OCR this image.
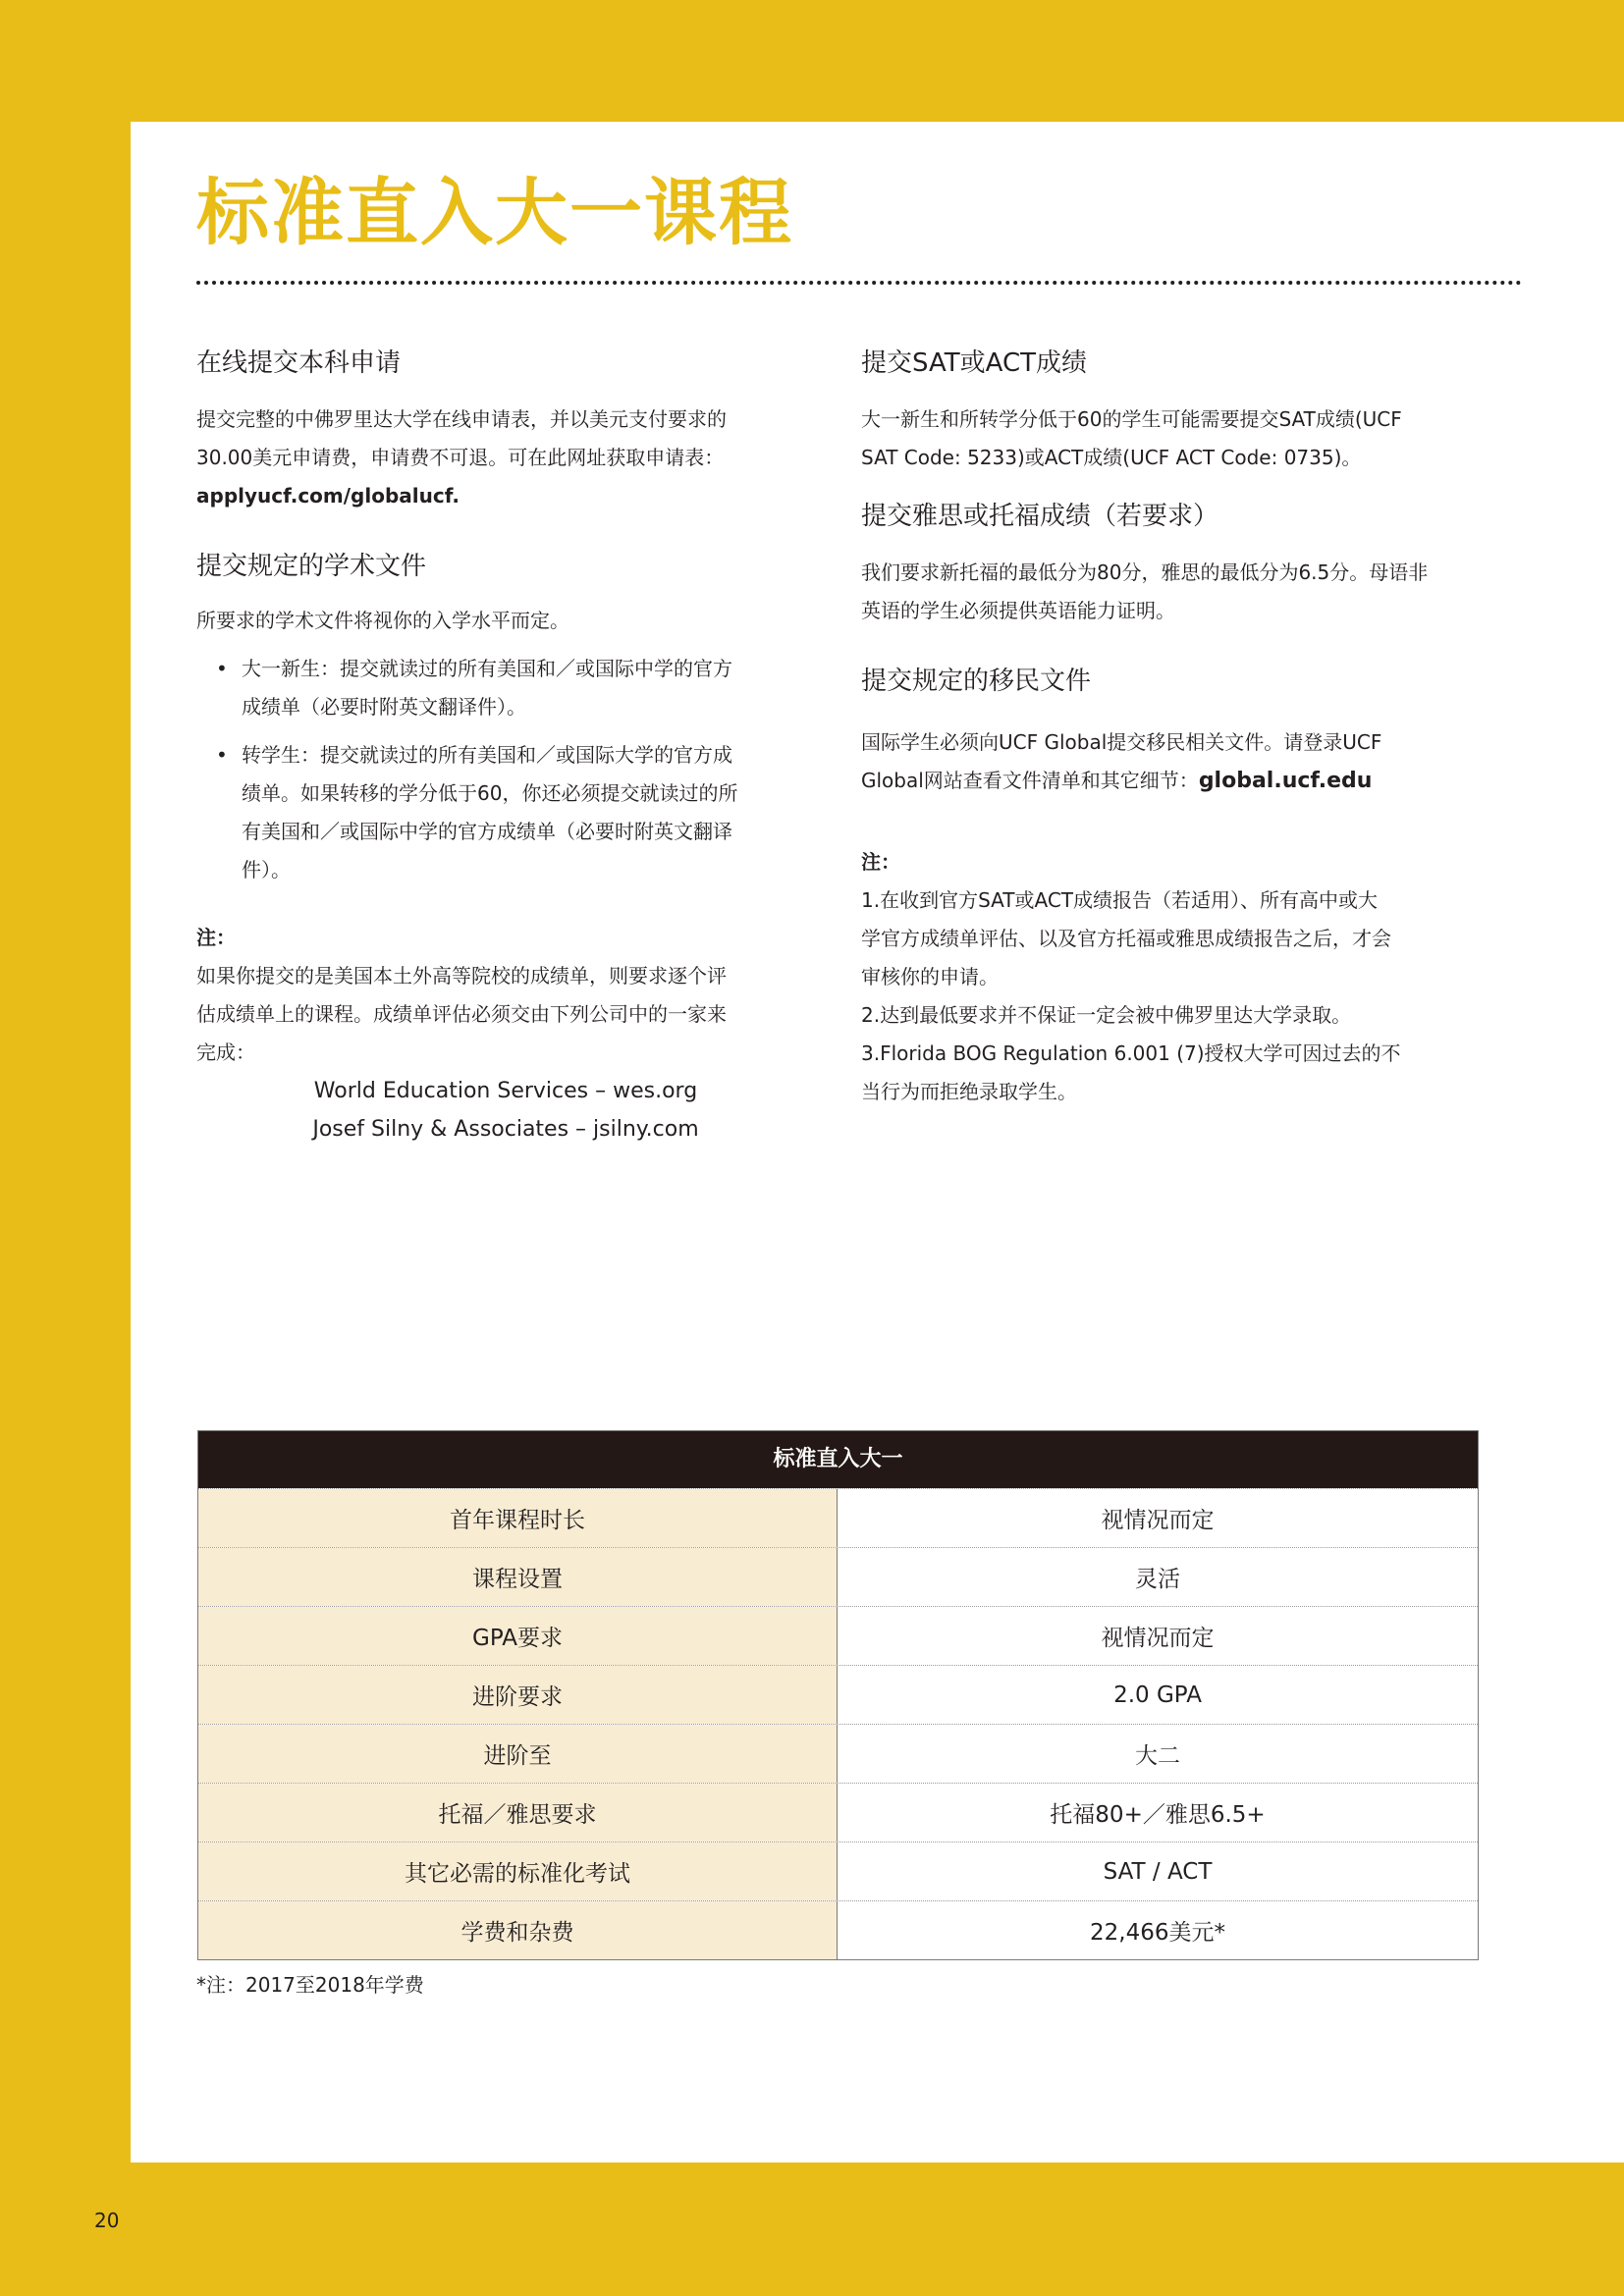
标准直入大一课程
在线提交本科申请

提交完整的中佛罗里达大学在线申请表，并以美元支付要求的

30.00美元申请费，申请费不可退。可在此网址获取申请表：

applyucf.com/globalucf.

提交规定的学术文件

所要求的学术文件将视你的入学水平而定。

• 大一新生：提交就读过的所有美国和／或国际中学的官方
成绩单（必要时附英文翻译件）。
• 转学生：提交就读过的所有美国和／或国际大学的官方成
绩单。如果转移的学分低于60，你还必须提交就读过的所
有美国和／或国际中学的官方成绩单（必要时附英文翻译
件）。

注：

如果你提交的是美国本土外高等院校的成绩单，则要求逐个评

估成绩单上的课程。成绩单评估必须交由下列公司中的一家来

完成：

World Education Services – wes.org

Josef Silny & Associates – jsilny.com

提交SAT或ACT成绩

大一新生和所转学分低于60的学生可能需要提交SAT成绩(UCF

SAT Code: 5233)或ACT成绩(UCF ACT Code: 0735)。

提交雅思或托福成绩（若要求）

我们要求新托福的最低分为80分，雅思的最低分为6.5分。母语非

英语的学生必须提供英语能力证明。

提交规定的移民文件

国际学生必须向UCF Global提交移民相关文件。请登录UCF

Global网站查看文件清单和其它细节：global.ucf.edu

注：

1.在收到官方SAT或ACT成绩报告（若适用）、所有高中或大

学官方成绩单评估、以及官方托福或雅思成绩报告之后，才会

审核你的申请。

2.达到最低要求并不保证一定会被中佛罗里达大学录取。

3.Florida BOG Regulation 6.001 (7)授权大学可因过去的不

当行为而拒绝录取学生。

标准直入大一
首年课程时长	视情况而定
课程设置	灵活
GPA要求	视情况而定
进阶要求	2.0 GPA
进阶至	大二
托福／雅思要求	托福80+／雅思6.5+
其它必需的标准化考试	SAT / ACT
学费和杂费	22,466美元*

*注：2017至2018年学费

20
